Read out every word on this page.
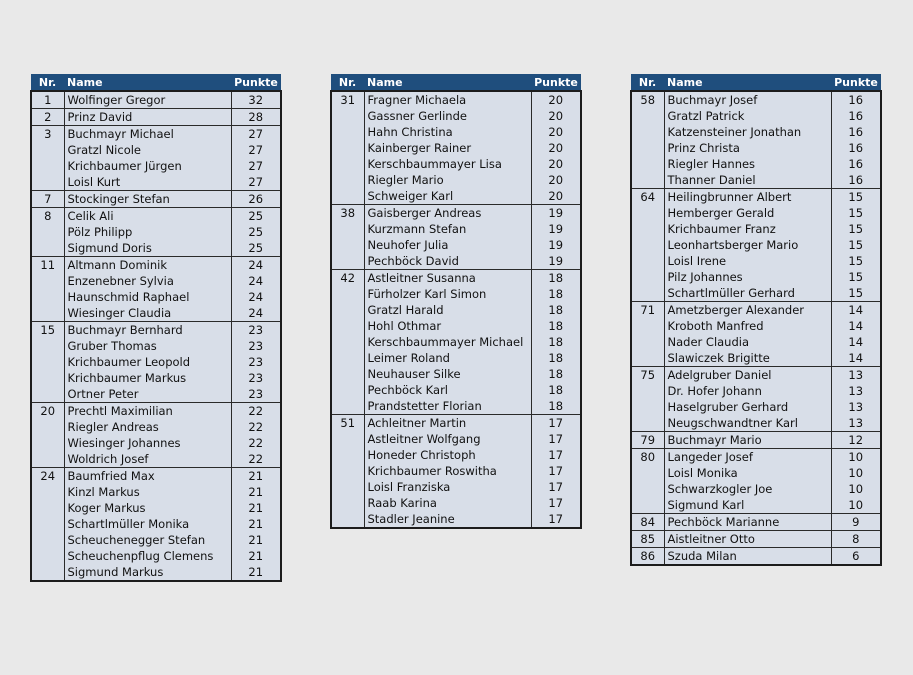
Nr.	Name	Punkte
1	Wolfinger Gregor	32
2	Prinz David	28
3	Buchmayr Michael	27
	Gratzl Nicole	27
	Krichbaumer Jürgen	27
	Loisl Kurt	27
7	Stockinger Stefan	26
8	Celik Ali	25
	Pölz Philipp	25
	Sigmund Doris	25
11	Altmann Dominik	24
	Enzenebner Sylvia	24
	Haunschmid Raphael	24
	Wiesinger Claudia	24
15	Buchmayr Bernhard	23
	Gruber Thomas	23
	Krichbaumer Leopold	23
	Krichbaumer Markus	23
	Ortner Peter	23
20	Prechtl Maximilian	22
	Riegler Andreas	22
	Wiesinger Johannes	22
	Woldrich Josef	22
24	Baumfried Max	21
	Kinzl Markus	21
	Koger Markus	21
	Schartlmüller Monika	21
	Scheuchenegger Stefan	21
	Scheuchenpflug Clemens	21
	Sigmund Markus	21
Nr.	Name	Punkte
31	Fragner Michaela	20
	Gassner Gerlinde	20
	Hahn Christina	20
	Kainberger Rainer	20
	Kerschbaummayer Lisa	20
	Riegler Mario	20
	Schweiger Karl	20
38	Gaisberger Andreas	19
	Kurzmann Stefan	19
	Neuhofer Julia	19
	Pechböck David	19
42	Astleitner Susanna	18
	Fürholzer Karl Simon	18
	Gratzl Harald	18
	Hohl Othmar	18
	Kerschbaummayer Michael	18
	Leimer Roland	18
	Neuhauser Silke	18
	Pechböck Karl	18
	Prandstetter Florian	18
51	Achleitner Martin	17
	Astleitner Wolfgang	17
	Honeder Christoph	17
	Krichbaumer Roswitha	17
	Loisl Franziska	17
	Raab Karina	17
	Stadler Jeanine	17
Nr.	Name	Punkte
58	Buchmayr Josef	16
	Gratzl Patrick	16
	Katzensteiner Jonathan	16
	Prinz Christa	16
	Riegler Hannes	16
	Thanner Daniel	16
64	Heilingbrunner Albert	15
	Hemberger Gerald	15
	Krichbaumer Franz	15
	Leonhartsberger Mario	15
	Loisl Irene	15
	Pilz Johannes	15
	Schartlmüller Gerhard	15
71	Ametzberger Alexander	14
	Kroboth Manfred	14
	Nader Claudia	14
	Slawiczek Brigitte	14
75	Adelgruber Daniel	13
	Dr. Hofer Johann	13
	Haselgruber Gerhard	13
	Neugschwandtner Karl	13
79	Buchmayr Mario	12
80	Langeder Josef	10
	Loisl Monika	10
	Schwarzkogler Joe	10
	Sigmund Karl	10
84	Pechböck Marianne	9
85	Aistleitner Otto	8
86	Szuda Milan	6
